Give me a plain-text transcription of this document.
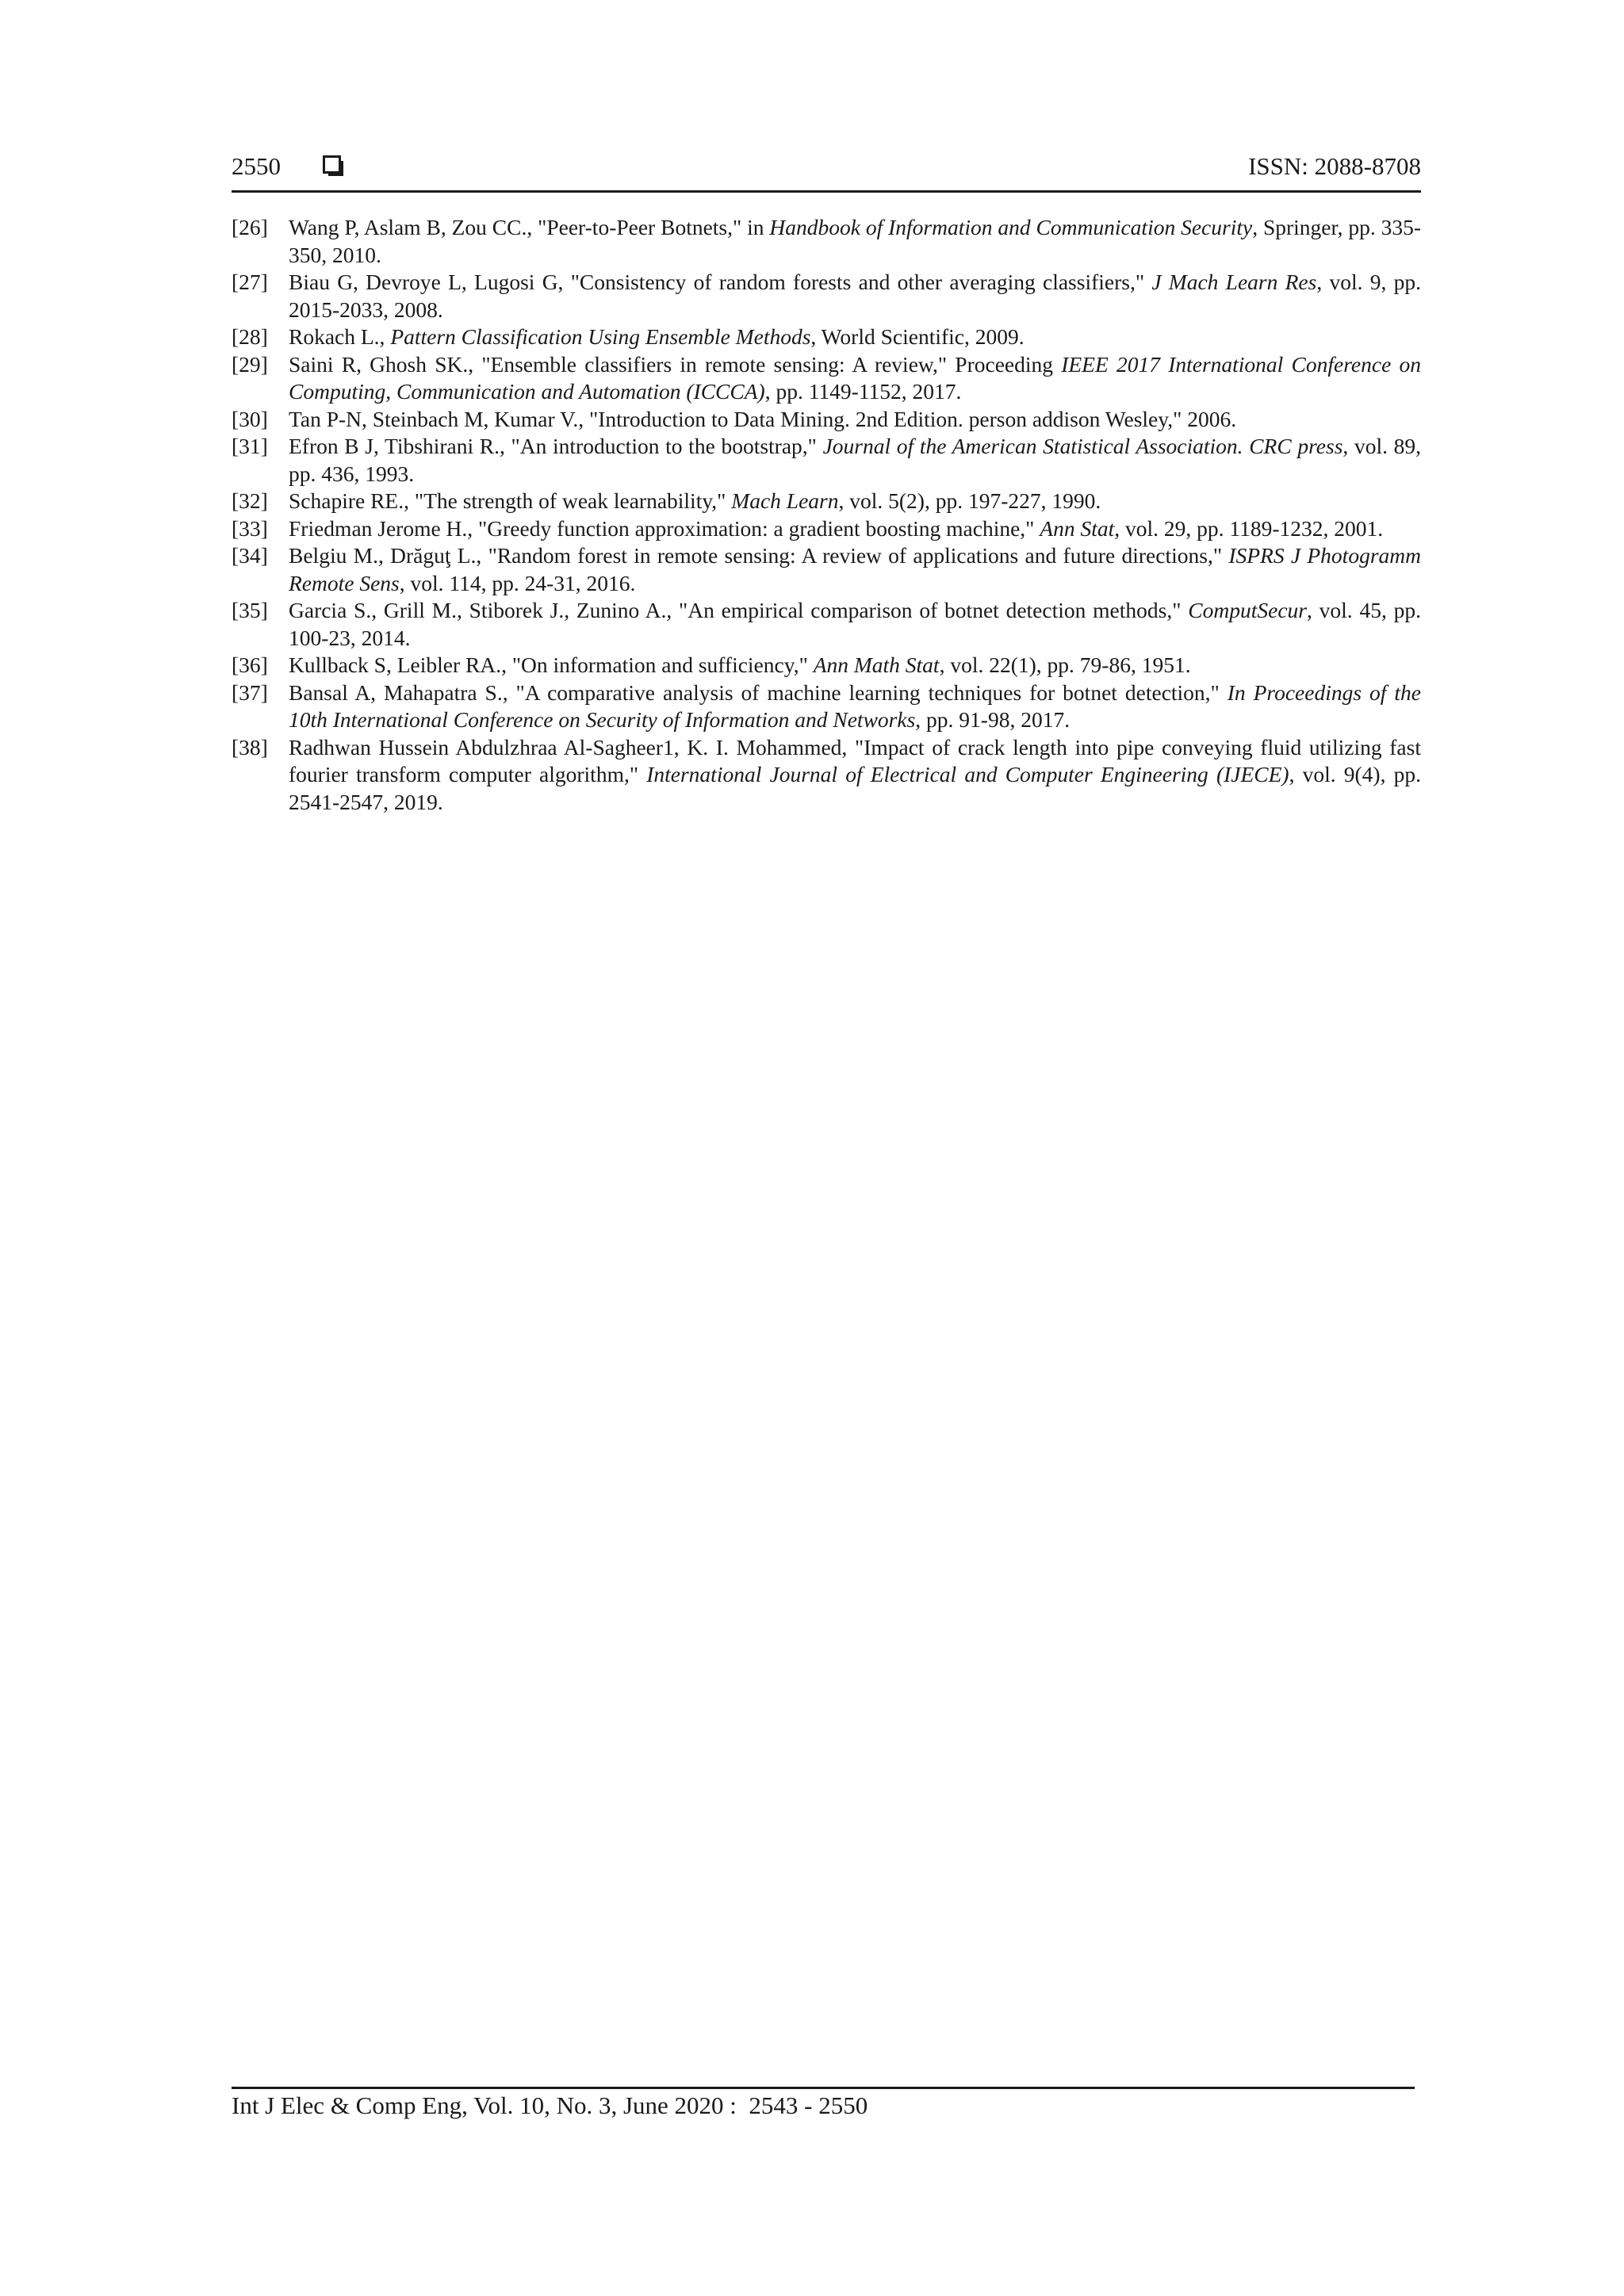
2550	ISSN: 2088-8708
[26] Wang P, Aslam B, Zou CC., "Peer-to-Peer Botnets," in Handbook of Information and Communication Security, Springer, pp. 335-350, 2010.
[27] Biau G, Devroye L, Lugosi G, "Consistency of random forests and other averaging classifiers," J Mach Learn Res, vol. 9, pp. 2015-2033, 2008.
[28] Rokach L., Pattern Classification Using Ensemble Methods, World Scientific, 2009.
[29] Saini R, Ghosh SK., "Ensemble classifiers in remote sensing: A review," Proceeding IEEE 2017 International Conference on Computing, Communication and Automation (ICCCA), pp. 1149-1152, 2017.
[30] Tan P-N, Steinbach M, Kumar V., "Introduction to Data Mining. 2nd Edition. person addison Wesley," 2006.
[31] Efron B J, Tibshirani R., "An introduction to the bootstrap," Journal of the American Statistical Association. CRC press, vol. 89, pp. 436, 1993.
[32] Schapire RE., "The strength of weak learnability," Mach Learn, vol. 5(2), pp. 197-227, 1990.
[33] Friedman Jerome H., "Greedy function approximation: a gradient boosting machine," Ann Stat, vol. 29, pp. 1189-1232, 2001.
[34] Belgiu M., Drăguţ L., "Random forest in remote sensing: A review of applications and future directions," ISPRS J Photogramm Remote Sens, vol. 114, pp. 24-31, 2016.
[35] Garcia S., Grill M., Stiborek J., Zunino A., "An empirical comparison of botnet detection methods," ComputSecur, vol. 45, pp. 100-23, 2014.
[36] Kullback S, Leibler RA., "On information and sufficiency," Ann Math Stat, vol. 22(1), pp. 79-86, 1951.
[37] Bansal A, Mahapatra S., "A comparative analysis of machine learning techniques for botnet detection," In Proceedings of the 10th International Conference on Security of Information and Networks, pp. 91-98, 2017.
[38] Radhwan Hussein Abdulzhraa Al-Sagheer1, K. I. Mohammed, "Impact of crack length into pipe conveying fluid utilizing fast fourier transform computer algorithm," International Journal of Electrical and Computer Engineering (IJECE), vol. 9(4), pp. 2541-2547, 2019.
Int J Elec & Comp Eng, Vol. 10, No. 3, June 2020 :  2543 - 2550
